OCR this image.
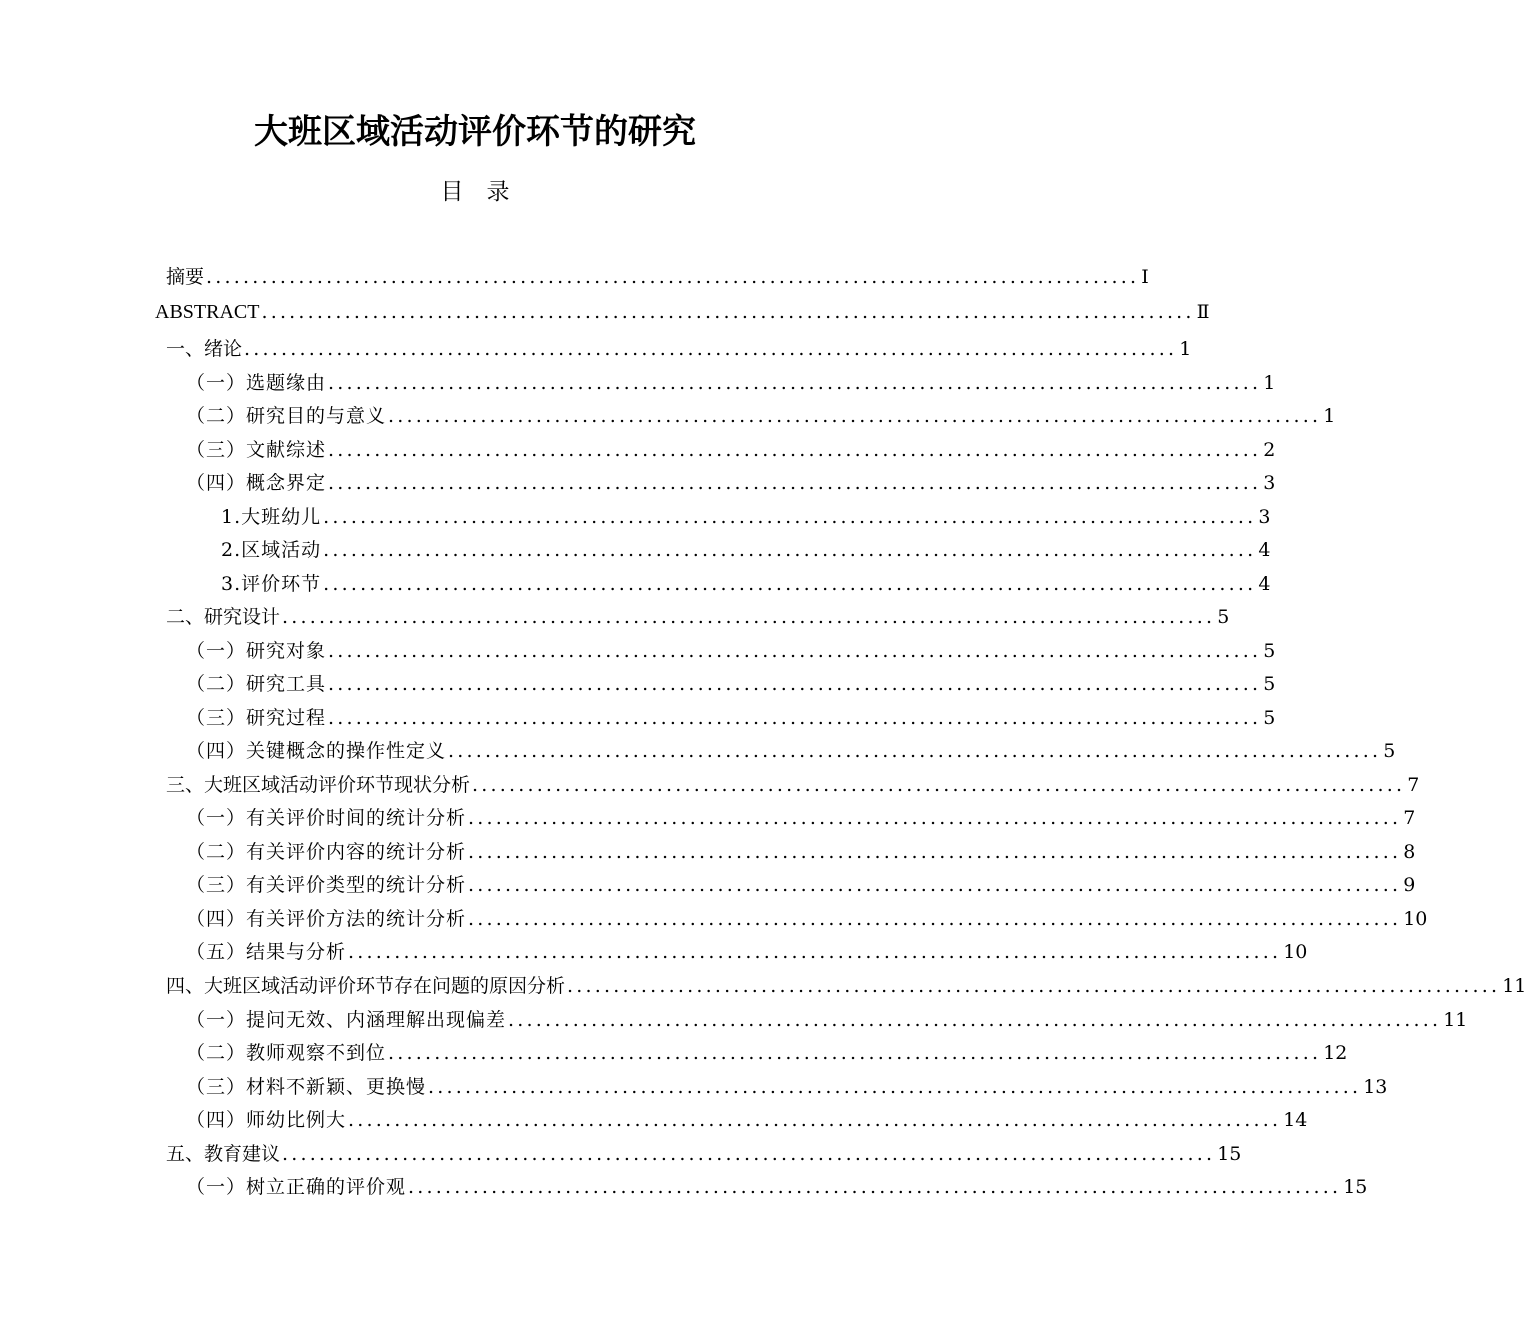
大班区域活动评价环节的研究
目　录
摘要 ..................................................................................................... Ⅰ
ABSTRACT ..................................................................................................... Ⅱ
一、绪论 ..................................................................................................... 1
（一）选题缘由 ..................................................................................................... 1
（二）研究目的与意义 ..................................................................................................... 1
（三）文献综述 ..................................................................................................... 2
（四）概念界定 ..................................................................................................... 3
1.大班幼儿 ..................................................................................................... 3
2.区域活动 ..................................................................................................... 4
3.评价环节 ..................................................................................................... 4
二、研究设计 ..................................................................................................... 5
（一）研究对象 ..................................................................................................... 5
（二）研究工具 ..................................................................................................... 5
（三）研究过程 ..................................................................................................... 5
（四）关键概念的操作性定义 ..................................................................................................... 5
三、大班区域活动评价环节现状分析 ..................................................................................................... 7
（一）有关评价时间的统计分析 ..................................................................................................... 7
（二）有关评价内容的统计分析 ..................................................................................................... 8
（三）有关评价类型的统计分析 ..................................................................................................... 9
（四）有关评价方法的统计分析 ..................................................................................................... 10
（五）结果与分析 ..................................................................................................... 10
四、大班区域活动评价环节存在问题的原因分析 ..................................................................................................... 11
（一）提问无效、内涵理解出现偏差 ..................................................................................................... 11
（二）教师观察不到位 ..................................................................................................... 12
（三）材料不新颖、更换慢 ..................................................................................................... 13
（四）师幼比例大 ..................................................................................................... 14
五、教育建议 ..................................................................................................... 15
（一）树立正确的评价观 ..................................................................................................... 15
